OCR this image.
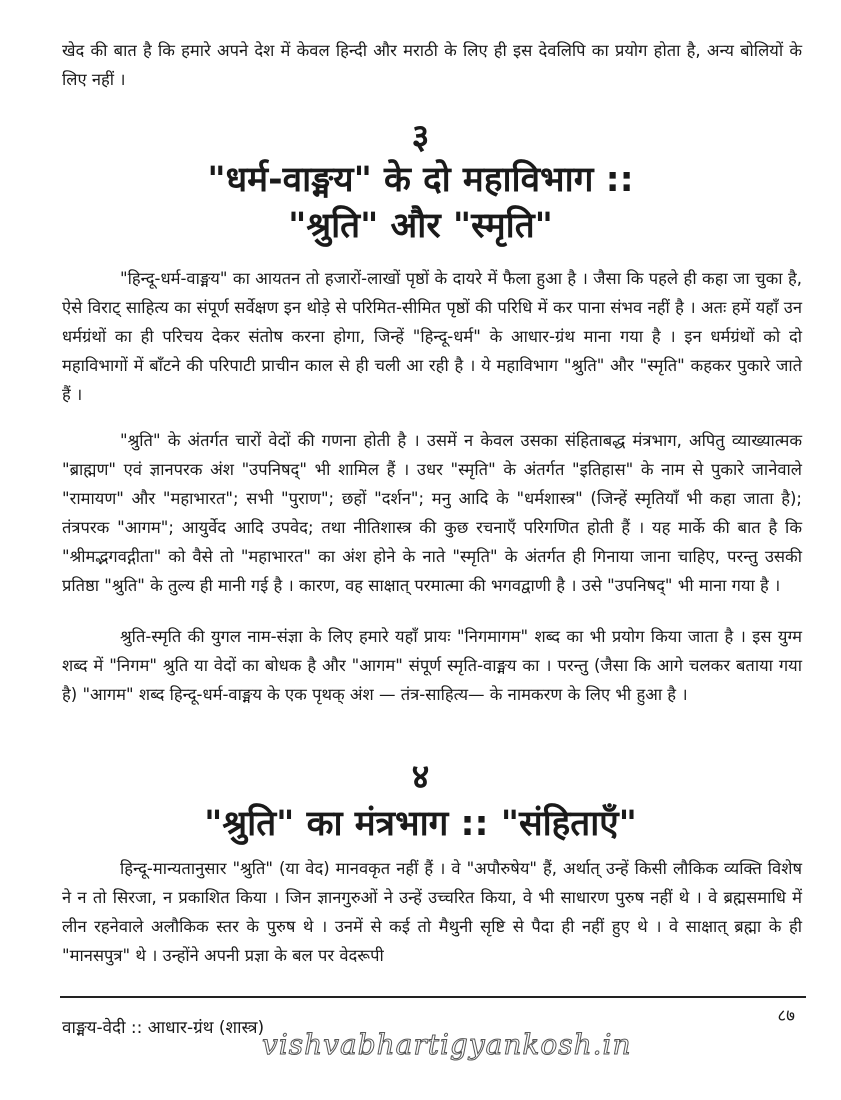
खेद की बात है कि हमारे अपने देश में केवल हिन्दी और मराठी के लिए ही इस देवलिपि का प्रयोग होता है, अन्य बोलियों के लिए नहीं ।

३
"धर्म-वाङ्मय" के दो महाविभाग ::
"श्रुति" और "स्मृति"

"हिन्दू-धर्म-वाङ्मय" का आयतन तो हजारों-लाखों पृष्ठों के दायरे में फैला हुआ है । जैसा कि पहले ही कहा जा चुका है, ऐसे विराट् साहित्य का संपूर्ण सर्वेक्षण इन थोड़े से परिमित-सीमित पृष्ठों की परिधि में कर पाना संभव नहीं है । अतः हमें यहाँ उन धर्मग्रंथों का ही परिचय देकर संतोष करना होगा, जिन्हें "हिन्दू-धर्म" के आधार-ग्रंथ माना गया है । इन धर्मग्रंथों को दो महाविभागों में बाँटने की परिपाटी प्राचीन काल से ही चली आ रही है । ये महाविभाग "श्रुति" और "स्मृति" कहकर पुकारे जाते हैं ।

"श्रुति" के अंतर्गत चारों वेदों की गणना होती है । उसमें न केवल उसका संहिताबद्ध मंत्रभाग, अपितु व्याख्यात्मक "ब्राह्मण" एवं ज्ञानपरक अंश "उपनिषद्" भी शामिल हैं । उधर "स्मृति" के अंतर्गत "इतिहास" के नाम से पुकारे जानेवाले "रामायण" और "महाभारत"; सभी "पुराण"; छहों "दर्शन"; मनु आदि के "धर्मशास्त्र" (जिन्हें स्मृतियाँ भी कहा जाता है); तंत्रपरक "आगम"; आयुर्वेद आदि उपवेद; तथा नीतिशास्त्र की कुछ रचनाएँ परिगणित होती हैं । यह मार्के की बात है कि "श्रीमद्भगवद्गीता" को वैसे तो "महाभारत" का अंश होने के नाते "स्मृति" के अंतर्गत ही गिनाया जाना चाहिए, परन्तु उसकी प्रतिष्ठा "श्रुति" के तुल्य ही मानी गई है । कारण, वह साक्षात् परमात्मा की भगवद्वाणी है । उसे "उपनिषद्" भी माना गया है ।

श्रुति-स्मृति की युगल नाम-संज्ञा के लिए हमारे यहाँ प्रायः "निगमागम" शब्द का भी प्रयोग किया जाता है । इस युग्म शब्द में "निगम" श्रुति या वेदों का बोधक है और "आगम" संपूर्ण स्मृति-वाङ्मय का । परन्तु (जैसा कि आगे चलकर बताया गया है) "आगम" शब्द हिन्दू-धर्म-वाङ्मय के एक पृथक् अंश — तंत्र-साहित्य— के नामकरण के लिए भी हुआ है ।

४
"श्रुति" का मंत्रभाग :: "संहिताएँ"

हिन्दू-मान्यतानुसार "श्रुति" (या वेद) मानवकृत नहीं हैं । वे "अपौरुषेय" हैं, अर्थात् उन्हें किसी लौकिक व्यक्ति विशेष ने न तो सिरजा, न प्रकाशित किया । जिन ज्ञानगुरुओं ने उन्हें उच्चरित किया, वे भी साधारण पुरुष नहीं थे । वे ब्रह्मसमाधि में लीन रहनेवाले अलौकिक स्तर के पुरुष थे । उनमें से कई तो मैथुनी सृष्टि से पैदा ही नहीं हुए थे । वे साक्षात् ब्रह्मा के ही "मानसपुत्र" थे । उन्होंने अपनी प्रज्ञा के बल पर वेदरूपी

८७
वाङ्मय-वेदी :: आधार-ग्रंथ (शास्त्र)
vishvabhartigyankosh.in
